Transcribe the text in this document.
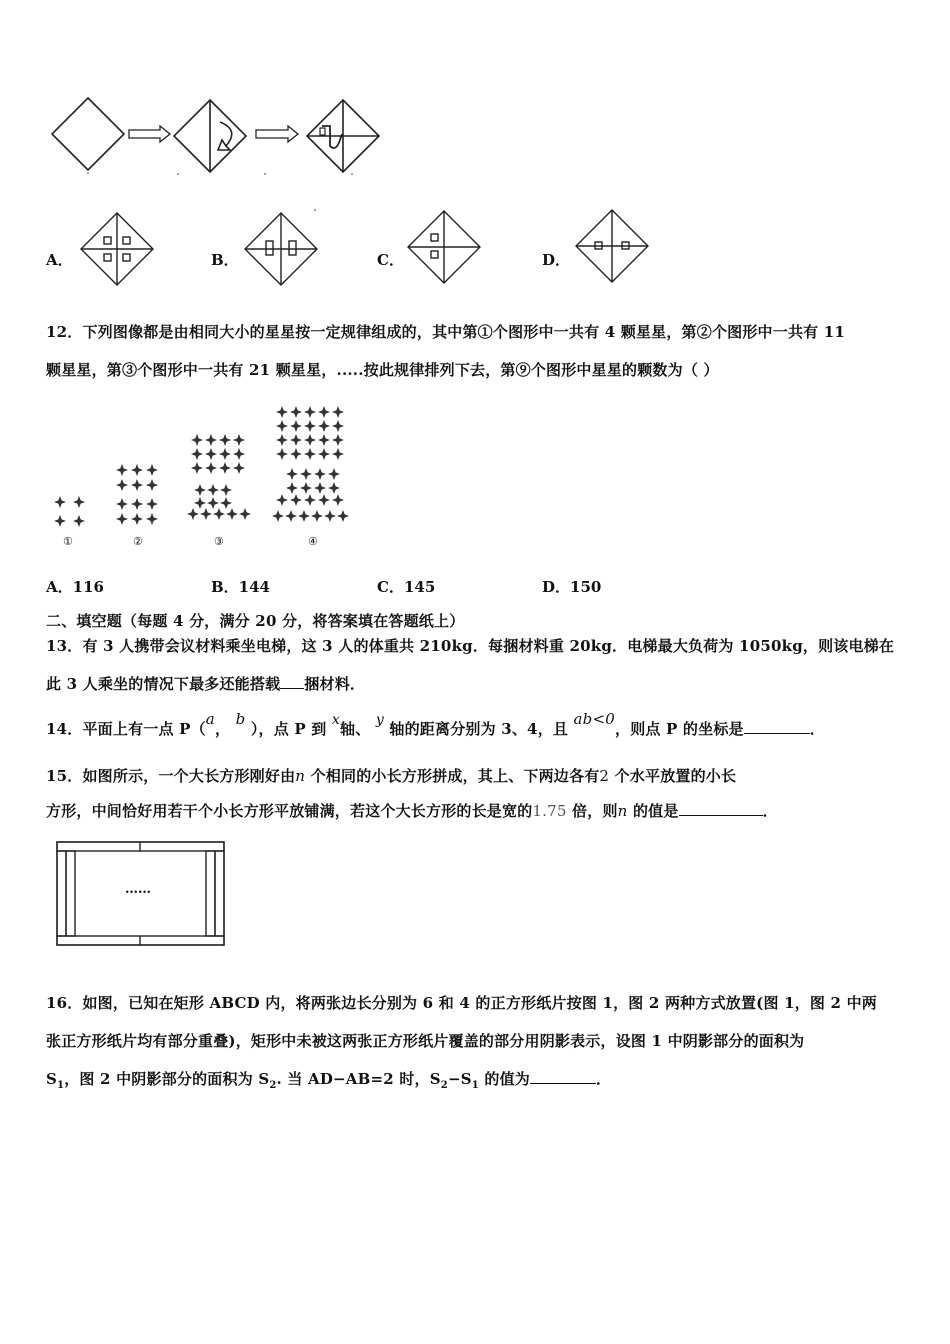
A．	B．	C．	D．
12．下列图像都是由相同大小的星星按一定规律组成的，其中第①个图形中一共有 4 颗星星，第②个图形中一共有 11
颗星星，第③个图形中一共有 21 颗星星，.....按此规律排列下去，第⑨个图形中星星的颗数为（ ）
①	②	③	④
A．116	B．144	C．145	D．150
二、填空题（每题 4 分，满分 20 分，将答案填在答题纸上）
13．有 3 人携带会议材料乘坐电梯，这 3 人的体重共 210kg．每捆材料重 20kg．电梯最大负荷为 1050kg，则该电梯在
此 3 人乘坐的情况下最多还能搭载 捆材料．
14．平面上有一点 P（a， b ），点 P 到 x轴、 y 轴的距离分别为 3、4，且 ab<0，则点 P 的坐标是	．
15．如图所示，一个大长方形刚好由n 个相同的小长方形拼成，其上、下两边各有2 个水平放置的小长
方形，中间恰好用若干个小长方形平放铺满，若这个大长方形的长是宽的1.75 倍，则n 的值是	．
……
16．如图，已知在矩形 ABCD 内，将两张边长分别为 6 和 4 的正方形纸片按图 1，图 2 两种方式放置(图 1，图 2 中两
张正方形纸片均有部分重叠)，矩形中未被这两张正方形纸片覆盖的部分用阴影表示，设图 1 中阴影部分的面积为
$S_1$，图 2 中阴影部分的面积为 $S_2$. 当 AD−AB=2 时，$S_2-S_1$ 的值为	．
